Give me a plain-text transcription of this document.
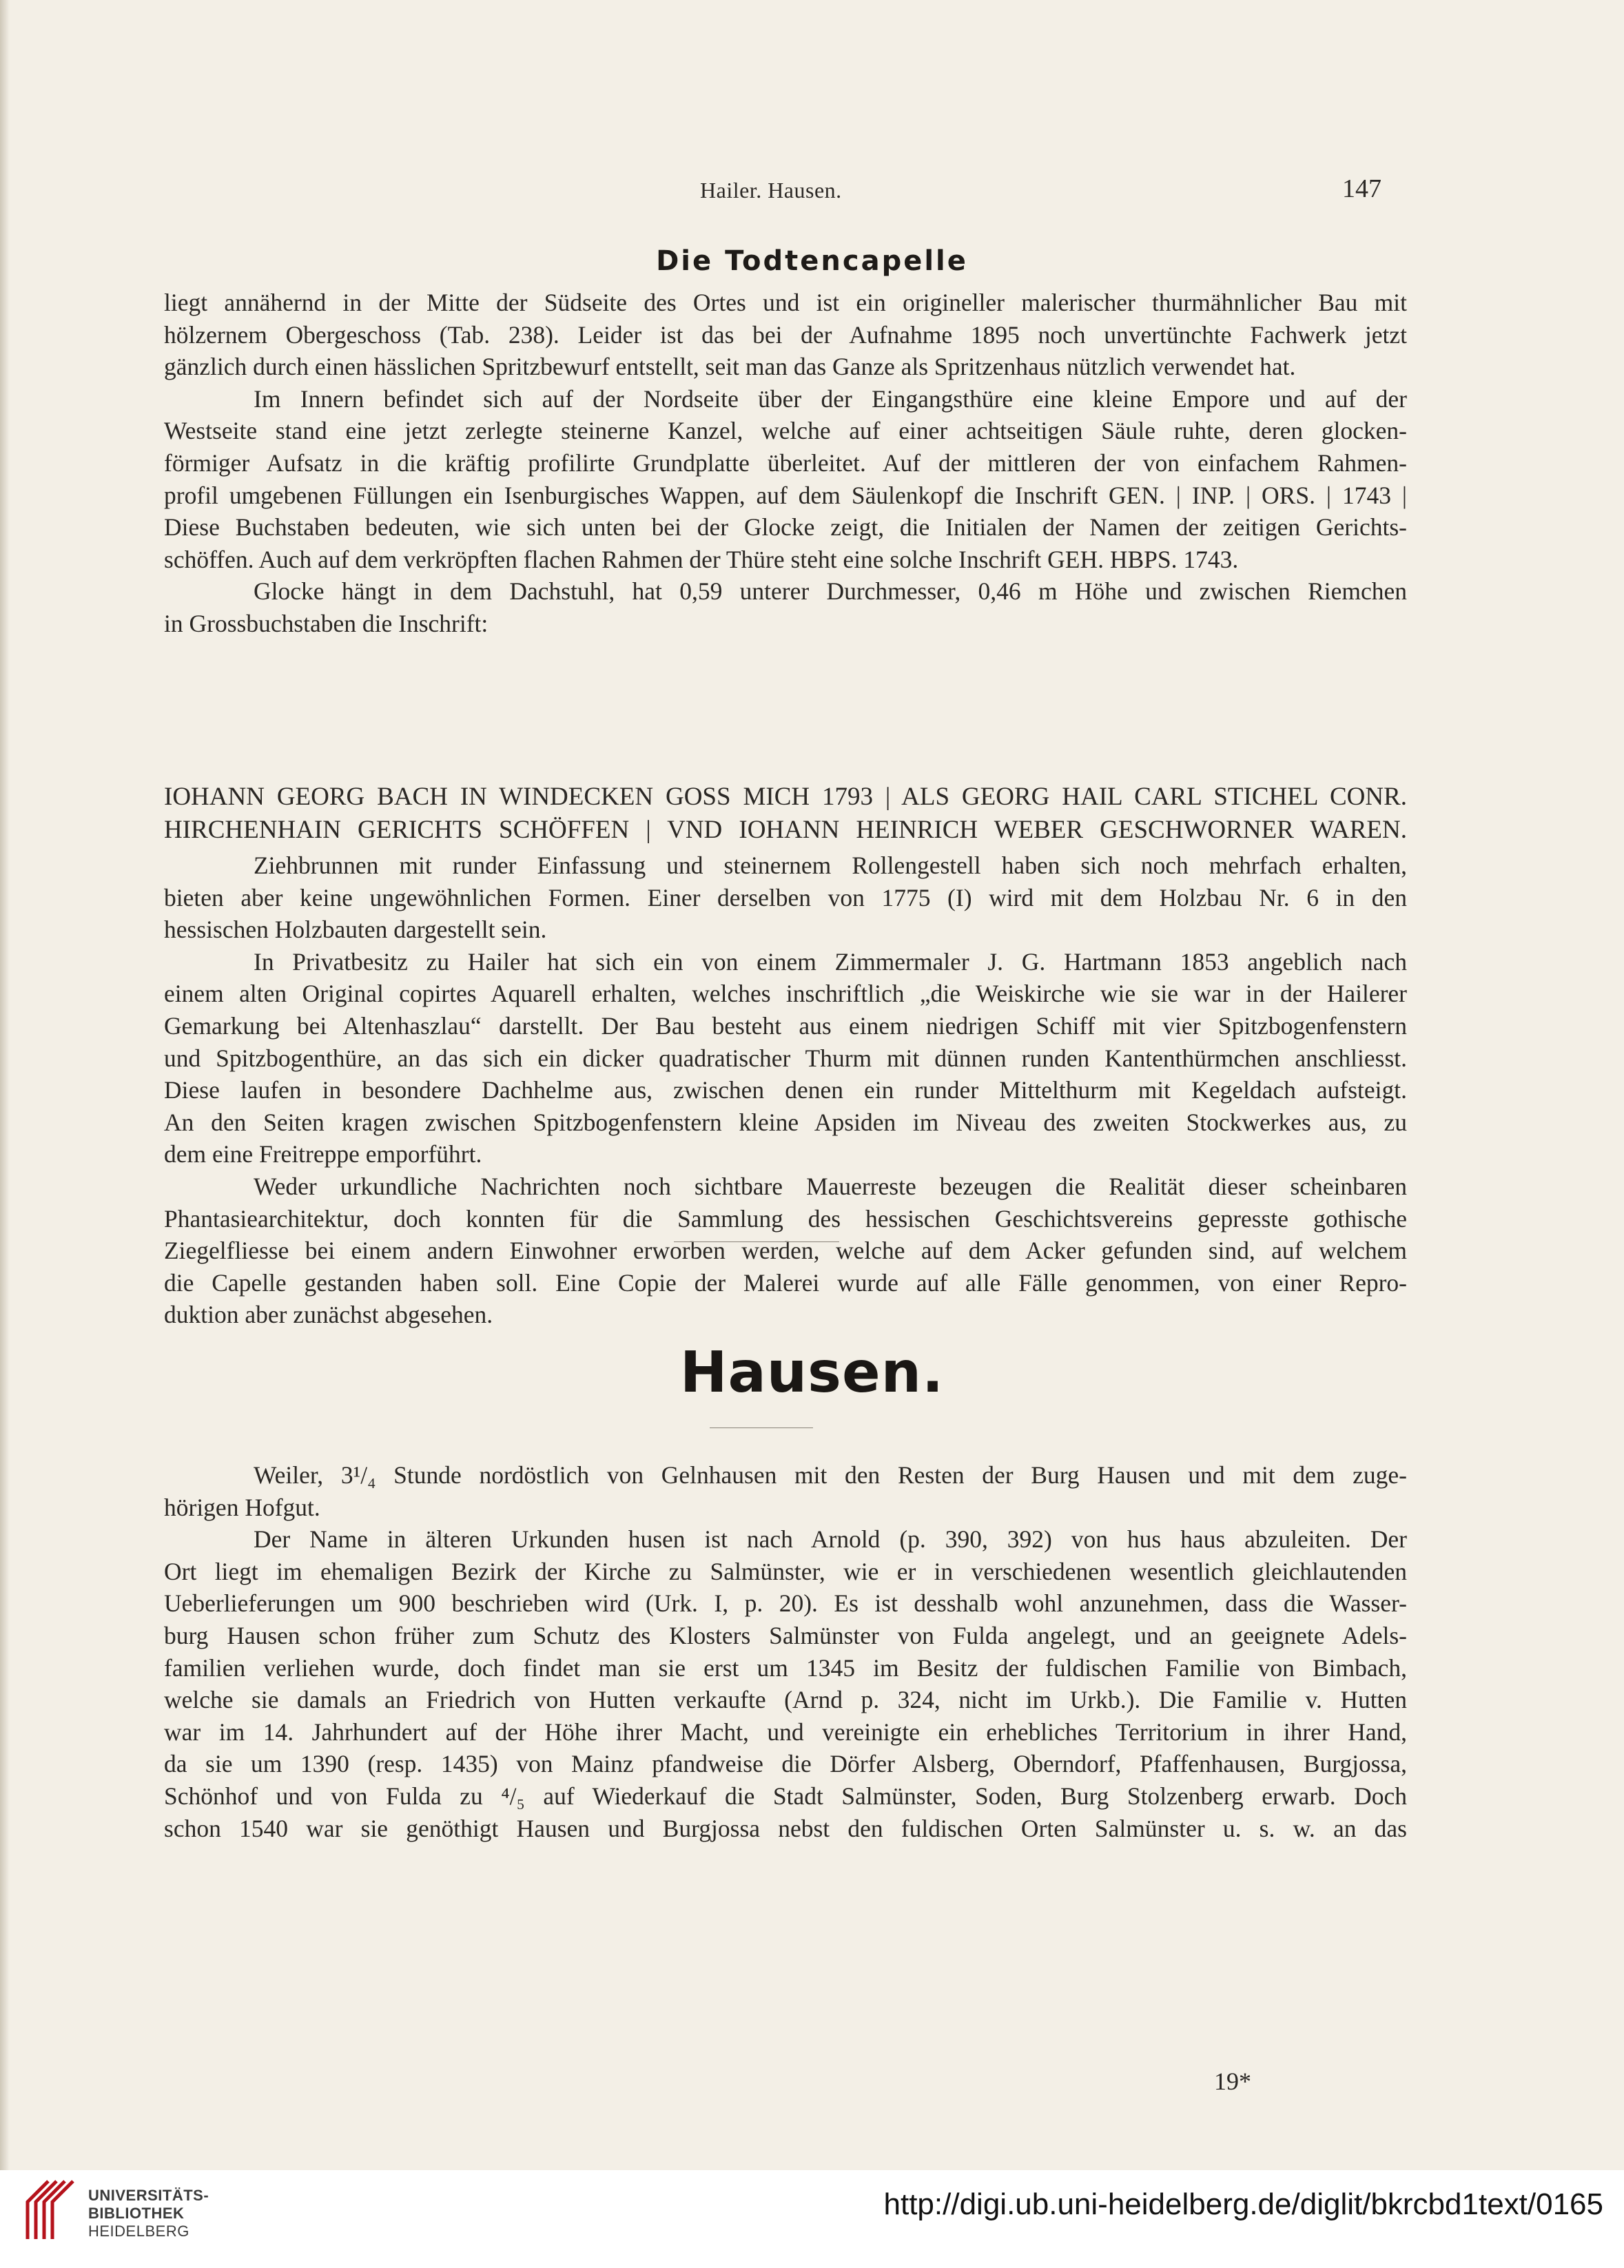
Hailer. Hausen.	147
Die Todtencapelle
liegt annähernd in der Mitte der Südseite des Ortes und ist ein origineller malerischer thurmähnlicher Bau mit
hölzernem Obergeschoss (Tab. 238). Leider ist das bei der Aufnahme 1895 noch unvertünchte Fachwerk jetzt
gänzlich durch einen hässlichen Spritzbewurf entstellt, seit man das Ganze als Spritzenhaus nützlich verwendet hat.
Im Innern befindet sich auf der Nordseite über der Eingangsthüre eine kleine Empore und auf der
Westseite stand eine jetzt zerlegte steinerne Kanzel, welche auf einer achtseitigen Säule ruhte, deren glocken-
förmiger Aufsatz in die kräftig profilirte Grundplatte überleitet. Auf der mittleren der von einfachem Rahmen-
profil umgebenen Füllungen ein Isenburgisches Wappen, auf dem Säulenkopf die Inschrift GEN. | INP. | ORS. | 1743 |
Diese Buchstaben bedeuten, wie sich unten bei der Glocke zeigt, die Initialen der Namen der zeitigen Gerichts-
schöffen. Auch auf dem verkröpften flachen Rahmen der Thüre steht eine solche Inschrift GEH. HBPS. 1743.
Glocke hängt in dem Dachstuhl, hat 0,59 unterer Durchmesser, 0,46 m Höhe und zwischen Riemchen
in Grossbuchstaben die Inschrift:
IOHANN GEORG BACH IN WINDECKEN GOSS MICH 1793 | ALS GEORG HAIL CARL STICHEL CONR.
HIRCHENHAIN GERICHTS SCHÖFFEN | VND IOHANN HEINRICH WEBER GESCHWORNER WAREN.
Ziehbrunnen mit runder Einfassung und steinernem Rollengestell haben sich noch mehrfach erhalten,
bieten aber keine ungewöhnlichen Formen. Einer derselben von 1775 (I) wird mit dem Holzbau Nr. 6 in den
hessischen Holzbauten dargestellt sein.
In Privatbesitz zu Hailer hat sich ein von einem Zimmermaler J. G. Hartmann 1853 angeblich nach
einem alten Original copirtes Aquarell erhalten, welches inschriftlich „die Weiskirche wie sie war in der Hailerer
Gemarkung bei Altenhaszlau“ darstellt. Der Bau besteht aus einem niedrigen Schiff mit vier Spitzbogenfenstern
und Spitzbogenthüre, an das sich ein dicker quadratischer Thurm mit dünnen runden Kantenthürmchen anschliesst.
Diese laufen in besondere Dachhelme aus, zwischen denen ein runder Mittelthurm mit Kegeldach aufsteigt.
An den Seiten kragen zwischen Spitzbogenfenstern kleine Apsiden im Niveau des zweiten Stockwerkes aus, zu
dem eine Freitreppe emporführt.
Weder urkundliche Nachrichten noch sichtbare Mauerreste bezeugen die Realität dieser scheinbaren
Phantasiearchitektur, doch konnten für die Sammlung des hessischen Geschichtsvereins gepresste gothische
Ziegelfliesse bei einem andern Einwohner erworben werden, welche auf dem Acker gefunden sind, auf welchem
die Capelle gestanden haben soll. Eine Copie der Malerei wurde auf alle Fälle genommen, von einer Repro-
duktion aber zunächst abgesehen.
Hausen.
Weiler, 3¹/₄ Stunde nordöstlich von Gelnhausen mit den Resten der Burg Hausen und mit dem zuge-
hörigen Hofgut.
Der Name in älteren Urkunden husen ist nach Arnold (p. 390, 392) von hus haus abzuleiten. Der
Ort liegt im ehemaligen Bezirk der Kirche zu Salmünster, wie er in verschiedenen wesentlich gleichlautenden
Ueberlieferungen um 900 beschrieben wird (Urk. I, p. 20). Es ist desshalb wohl anzunehmen, dass die Wasser-
burg Hausen schon früher zum Schutz des Klosters Salmünster von Fulda angelegt, und an geeignete Adels-
familien verliehen wurde, doch findet man sie erst um 1345 im Besitz der fuldischen Familie von Bimbach,
welche sie damals an Friedrich von Hutten verkaufte (Arnd p. 324, nicht im Urkb.). Die Familie v. Hutten
war im 14. Jahrhundert auf der Höhe ihrer Macht, und vereinigte ein erhebliches Territorium in ihrer Hand,
da sie um 1390 (resp. 1435) von Mainz pfandweise die Dörfer Alsberg, Oberndorf, Pfaffenhausen, Burgjossa,
Schönhof und von Fulda zu ⁴/₅ auf Wiederkauf die Stadt Salmünster, Soden, Burg Stolzenberg erwarb. Doch
schon 1540 war sie genöthigt Hausen und Burgjossa nebst den fuldischen Orten Salmünster u. s. w. an das
19*
UNIVERSITÄTS-
BIBLIOTHEK
HEIDELBERG
http://digi.ub.uni-heidelberg.de/diglit/bkrcbd1text/0165
